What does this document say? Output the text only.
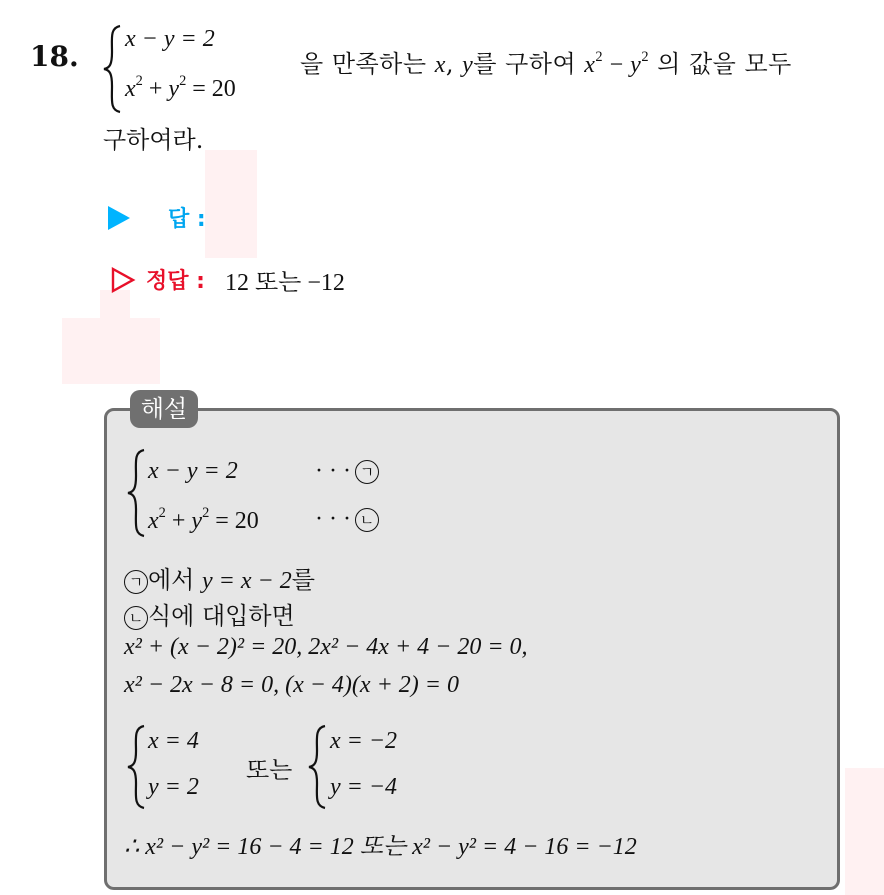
18.
x − y = 2
$x^2 + y^2 = 20$
을 만족하는 x, y를 구하여 $x^2 - y^2$ 의 값을 모두
구하여라.
답 :
정답 : 12 또는 −12
해설
x − y = 2	· · · ㄱ
$x^2 + y^2 = 20$ · · · ㄴ
ㄱ 에서 y = x − 2를
ㄴ 식에 대입하면
x² + (x − 2)² = 20, 2x² − 4x + 4 − 20 = 0,
x² − 2x − 8 = 0, (x − 4)(x + 2) = 0
x = 4
y = 2
또는
x = −2
y = −4
∴ x² − y² = 16 − 4 = 12 또는 x² − y² = 4 − 16 = −12
